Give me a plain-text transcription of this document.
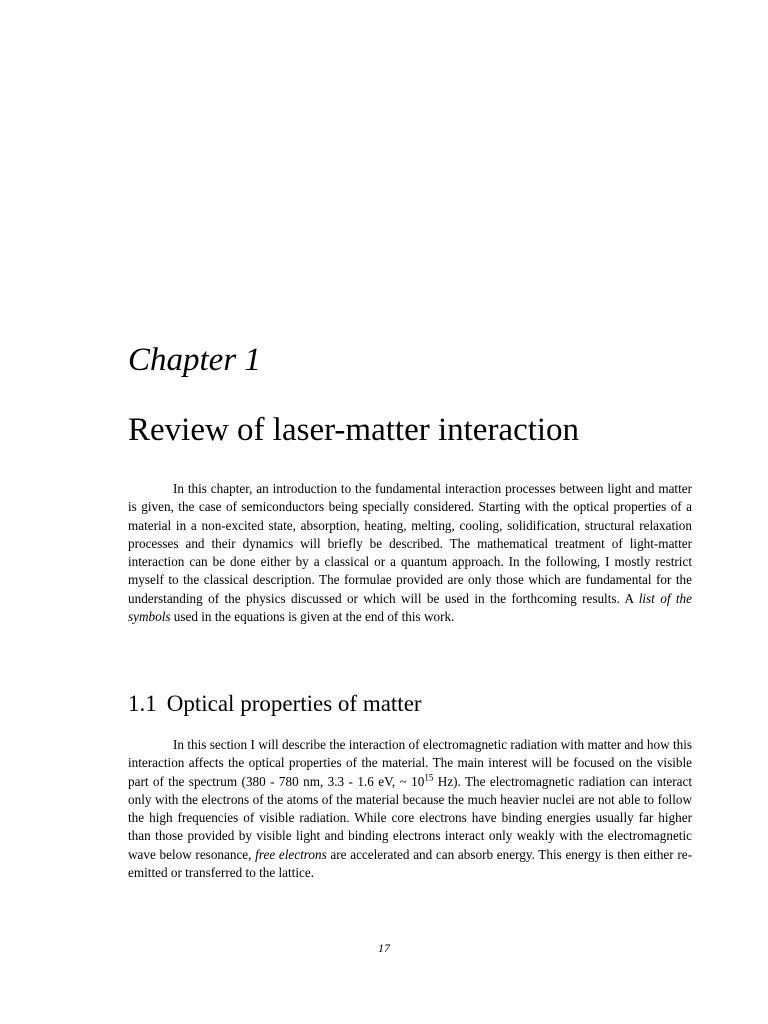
Chapter 1
Review of laser-matter interaction

In this chapter, an introduction to the fundamental interaction processes between light and matter is given, the case of semiconductors being specially considered. Starting with the optical properties of a material in a non-excited state, absorption, heating, melting, cooling, solidification, structural relaxation processes and their dynamics will briefly be described. The mathematical treatment of light-matter interaction can be done either by a classical or a quantum approach. In the following, I mostly restrict myself to the classical description. The formulae provided are only those which are fundamental for the understanding of the physics discussed or which will be used in the forthcoming results. A list of the symbols used in the equations is given at the end of this work.

1.1 Optical properties of matter

In this section I will describe the interaction of electromagnetic radiation with matter and how this interaction affects the optical properties of the material. The main interest will be focused on the visible part of the spectrum (380 - 780 nm, 3.3 - 1.6 eV, ~ $10^{15}$ Hz). The electromagnetic radiation can interact only with the electrons of the atoms of the material because the much heavier nuclei are not able to follow the high frequencies of visible radiation. While core electrons have binding energies usually far higher than those provided by visible light and binding electrons interact only weakly with the electromagnetic wave below resonance, free electrons are accelerated and can absorb energy. This energy is then either re-emitted or transferred to the lattice.

17
